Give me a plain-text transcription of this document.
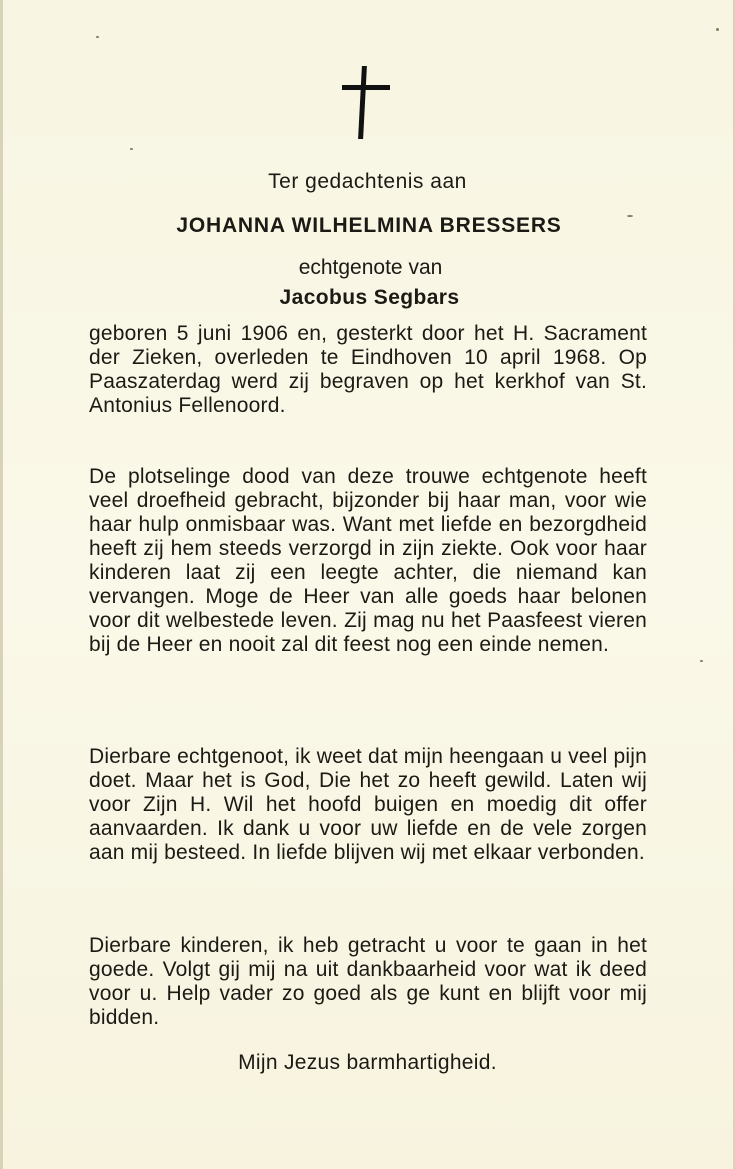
Ter gedachtenis aan
JOHANNA WILHELMINA BRESSERS
echtgenote van
Jacobus Segbars
geboren 5 juni 1906 en, gesterkt door het H. Sacrament der Zieken, overleden te Eindhoven 10 april 1968. Op Paaszaterdag werd zij begraven op het kerkhof van St. Antonius Fellenoord.
De plotselinge dood van deze trouwe echtgenote heeft veel droefheid gebracht, bijzonder bij haar man, voor wie haar hulp onmisbaar was. Want met liefde en bezorgdheid heeft zij hem steeds verzorgd in zijn ziekte. Ook voor haar kinderen laat zij een leegte achter, die niemand kan vervangen. Moge de Heer van alle goeds haar belonen voor dit welbestede leven. Zij mag nu het Paasfeest vieren bij de Heer en nooit zal dit feest nog een einde nemen.
Dierbare echtgenoot, ik weet dat mijn heengaan u veel pijn doet. Maar het is God, Die het zo heeft gewild. Laten wij voor Zijn H. Wil het hoofd buigen en moedig dit offer aanvaarden. Ik dank u voor uw liefde en de vele zorgen aan mij besteed. In liefde blijven wij met elkaar verbonden.
Dierbare kinderen, ik heb getracht u voor te gaan in het goede. Volgt gij mij na uit dankbaarheid voor wat ik deed voor u. Help vader zo goed als ge kunt en blijft voor mij bidden.
Mijn Jezus barmhartigheid.
